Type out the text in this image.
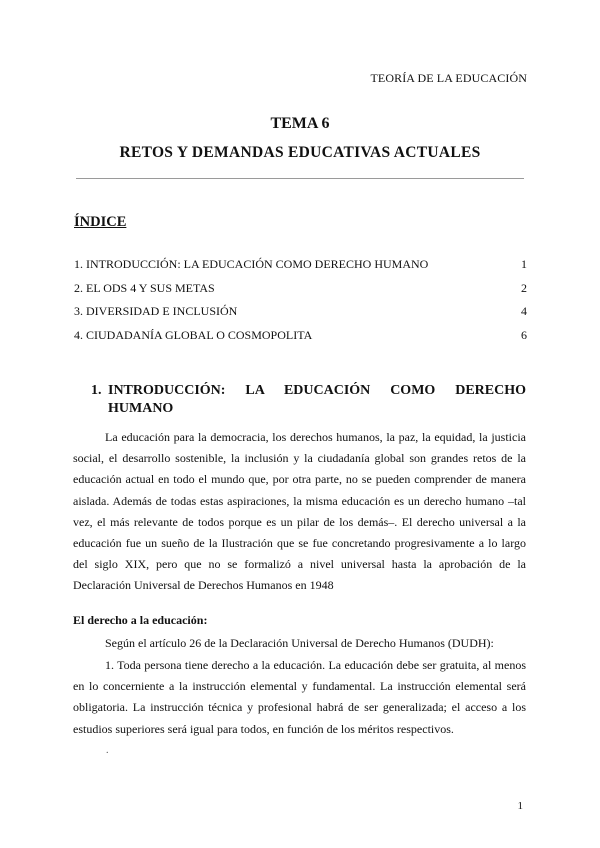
TEORÍA DE LA EDUCACIÓN
TEMA 6
RETOS Y DEMANDAS EDUCATIVAS ACTUALES
ÍNDICE
1. INTRODUCCIÓN: LA EDUCACIÓN COMO DERECHO HUMANO	1
2. EL ODS 4 Y SUS METAS	2
3. DIVERSIDAD E INCLUSIÓN	4
4. CIUDADANÍA GLOBAL O COSMOPOLITA	6
1. INTRODUCCIÓN: LA EDUCACIÓN COMO DERECHO
HUMANO
La educación para la democracia, los derechos humanos, la paz, la equidad, la justicia social, el desarrollo sostenible, la inclusión y la ciudadanía global son grandes retos de la educación actual en todo el mundo que, por otra parte, no se pueden comprender de manera aislada. Además de todas estas aspiraciones, la misma educación es un derecho humano –tal vez, el más relevante de todos porque es un pilar de los demás–. El derecho universal a la educación fue un sueño de la Ilustración que se fue concretando progresivamente a lo largo del siglo XIX, pero que no se formalizó a nivel universal hasta la aprobación de la Declaración Universal de Derechos Humanos en 1948
El derecho a la educación:
Según el artículo 26 de la Declaración Universal de Derecho Humanos (DUDH):
1. Toda persona tiene derecho a la educación. La educación debe ser gratuita, al menos en lo concerniente a la instrucción elemental y fundamental. La instrucción elemental será obligatoria. La instrucción técnica y profesional habrá de ser generalizada; el acceso a los estudios superiores será igual para todos, en función de los méritos respectivos.
.
1
